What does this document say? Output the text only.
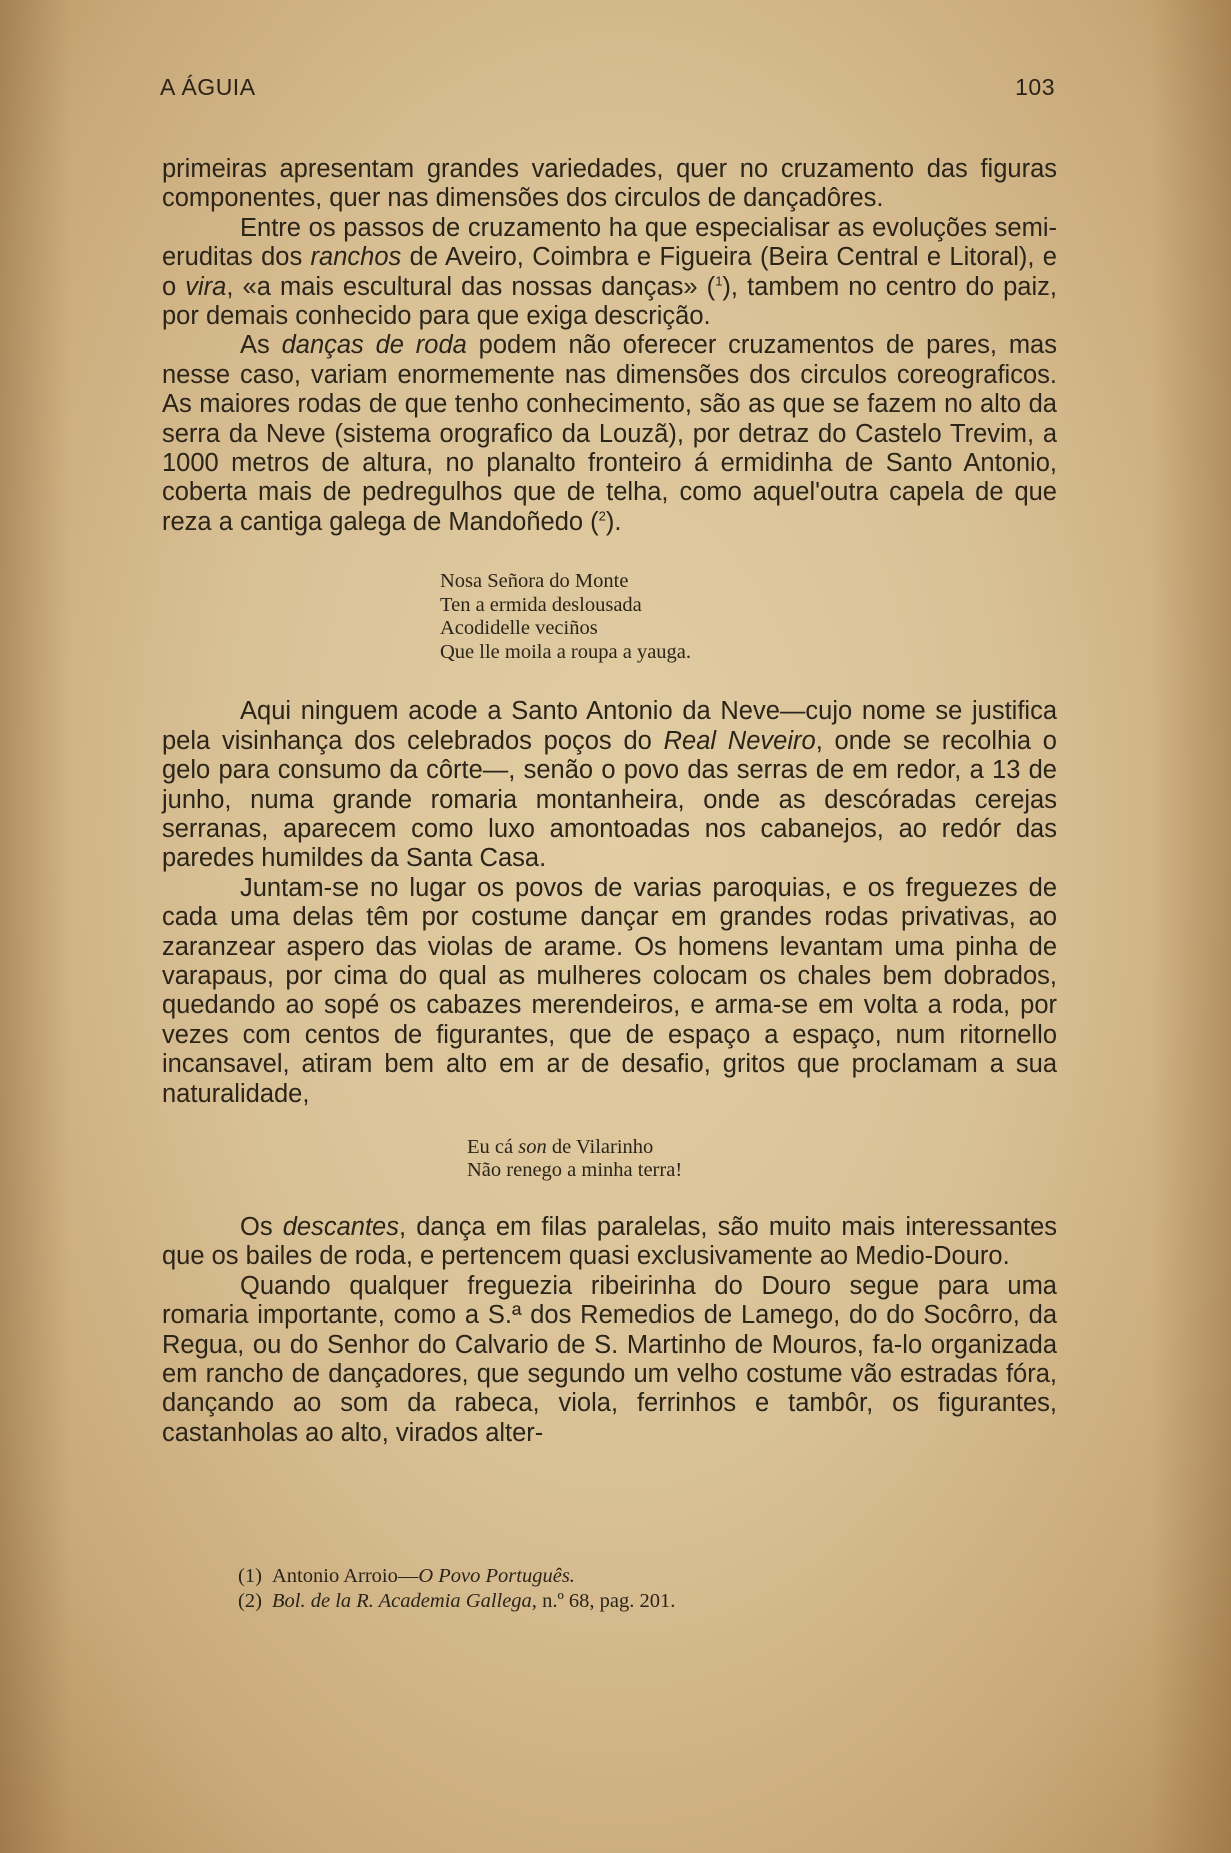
A ÁGUIA	103

primeiras apresentam grandes variedades, quer no cruzamento das figuras componentes, quer nas dimensões dos circulos de dançadôres.

Entre os passos de cruzamento ha que especialisar as evoluções semi-eruditas dos ranchos de Aveiro, Coimbra e Figueira (Beira Central e Litoral), e o vira, «a mais escultural das nossas danças» ($^1$), tambem no centro do paiz, por demais conhecido para que exiga descrição.

As danças de roda podem não oferecer cruzamentos de pares, mas nesse caso, variam enormemente nas dimensões dos circulos coreograficos. As maiores rodas de que tenho conhecimento, são as que se fazem no alto da serra da Neve (sistema orografico da Louzã), por detraz do Castelo Trevim, a 1000 metros de altura, no planalto fronteiro á ermidinha de Santo Antonio, coberta mais de pedregulhos que de telha, como aquel'outra capela de que reza a cantiga galega de Mandoñedo ($^2$).

Nosa Señora do Monte
Ten a ermida deslousada
Acodidelle veciños
Que lle moila a roupa a yauga.

Aqui ninguem acode a Santo Antonio da Neve—cujo nome se justifica pela visinhança dos celebrados poços do Real Neveiro, onde se recolhia o gelo para consumo da côrte—, senão o povo das serras de em redor, a 13 de junho, numa grande romaria montanheira, onde as descóradas cerejas serranas, aparecem como luxo amontoadas nos cabanejos, ao redór das paredes humildes da Santa Casa.

Juntam-se no lugar os povos de varias paroquias, e os freguezes de cada uma delas têm por costume dançar em grandes rodas privativas, ao zaranzear aspero das violas de arame. Os homens levantam uma pinha de varapaus, por cima do qual as mulheres colocam os chales bem dobrados, quedando ao sopé os cabazes merendeiros, e arma-se em volta a roda, por vezes com centos de figurantes, que de espaço a espaço, num ritornello incansavel, atiram bem alto em ar de desafio, gritos que proclamam a sua naturalidade,

Eu cá son de Vilarinho
Não renego a minha terra!

Os descantes, dança em filas paralelas, são muito mais interessantes que os bailes de roda, e pertencem quasi exclusivamente ao Medio-Douro.

Quando qualquer freguezia ribeirinha do Douro segue para uma romaria importante, como a S.ª dos Remedios de Lamego, do do Socôrro, da Regua, ou do Senhor do Calvario de S. Martinho de Mouros, fa-lo organizada em rancho de dançadores, que segundo um velho costume vão estradas fóra, dançando ao som da rabeca, viola, ferrinhos e tambôr, os figurantes, castanholas ao alto, virados alter-

(1) Antonio Arroio—O Povo Português.
(2) Bol. de la R. Academia Gallega, n.º 68, pag. 201.
